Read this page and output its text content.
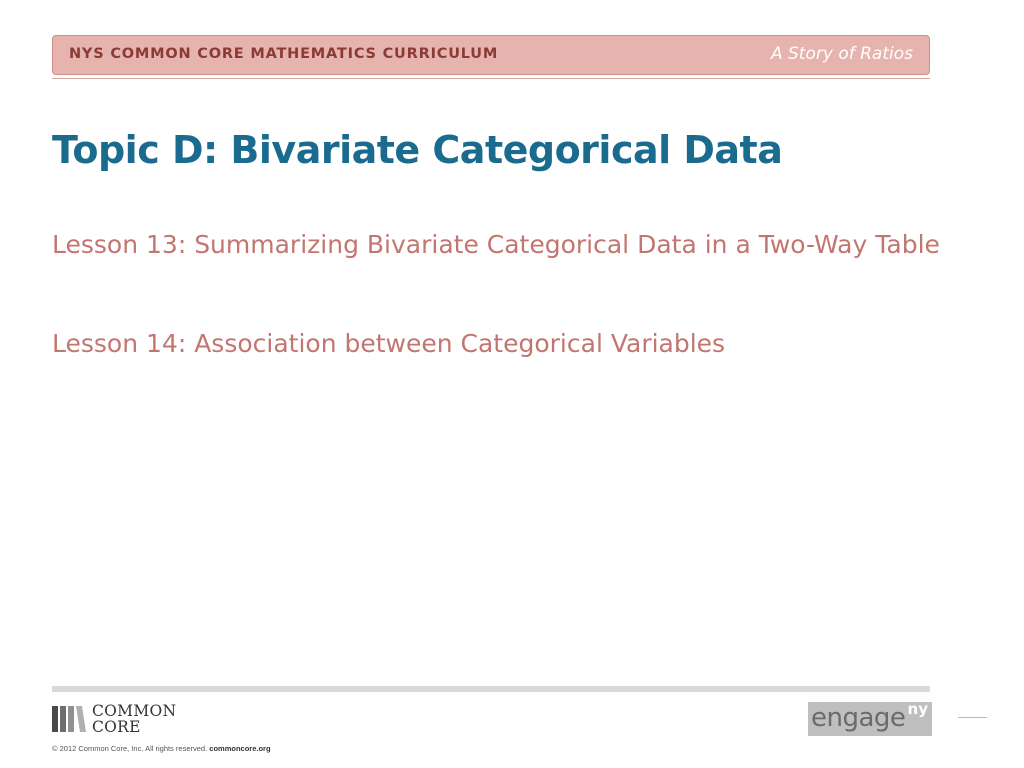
NYS COMMON CORE MATHEMATICS CURRICULUM	A Story of Ratios
Topic D: Bivariate Categorical Data
Lesson 13: Summarizing Bivariate Categorical Data in a Two-Way Table
Lesson 14: Association between Categorical Variables
COMMON
CORE
© 2012 Common Core, Inc. All rights reserved. commoncore.org
engage ny
